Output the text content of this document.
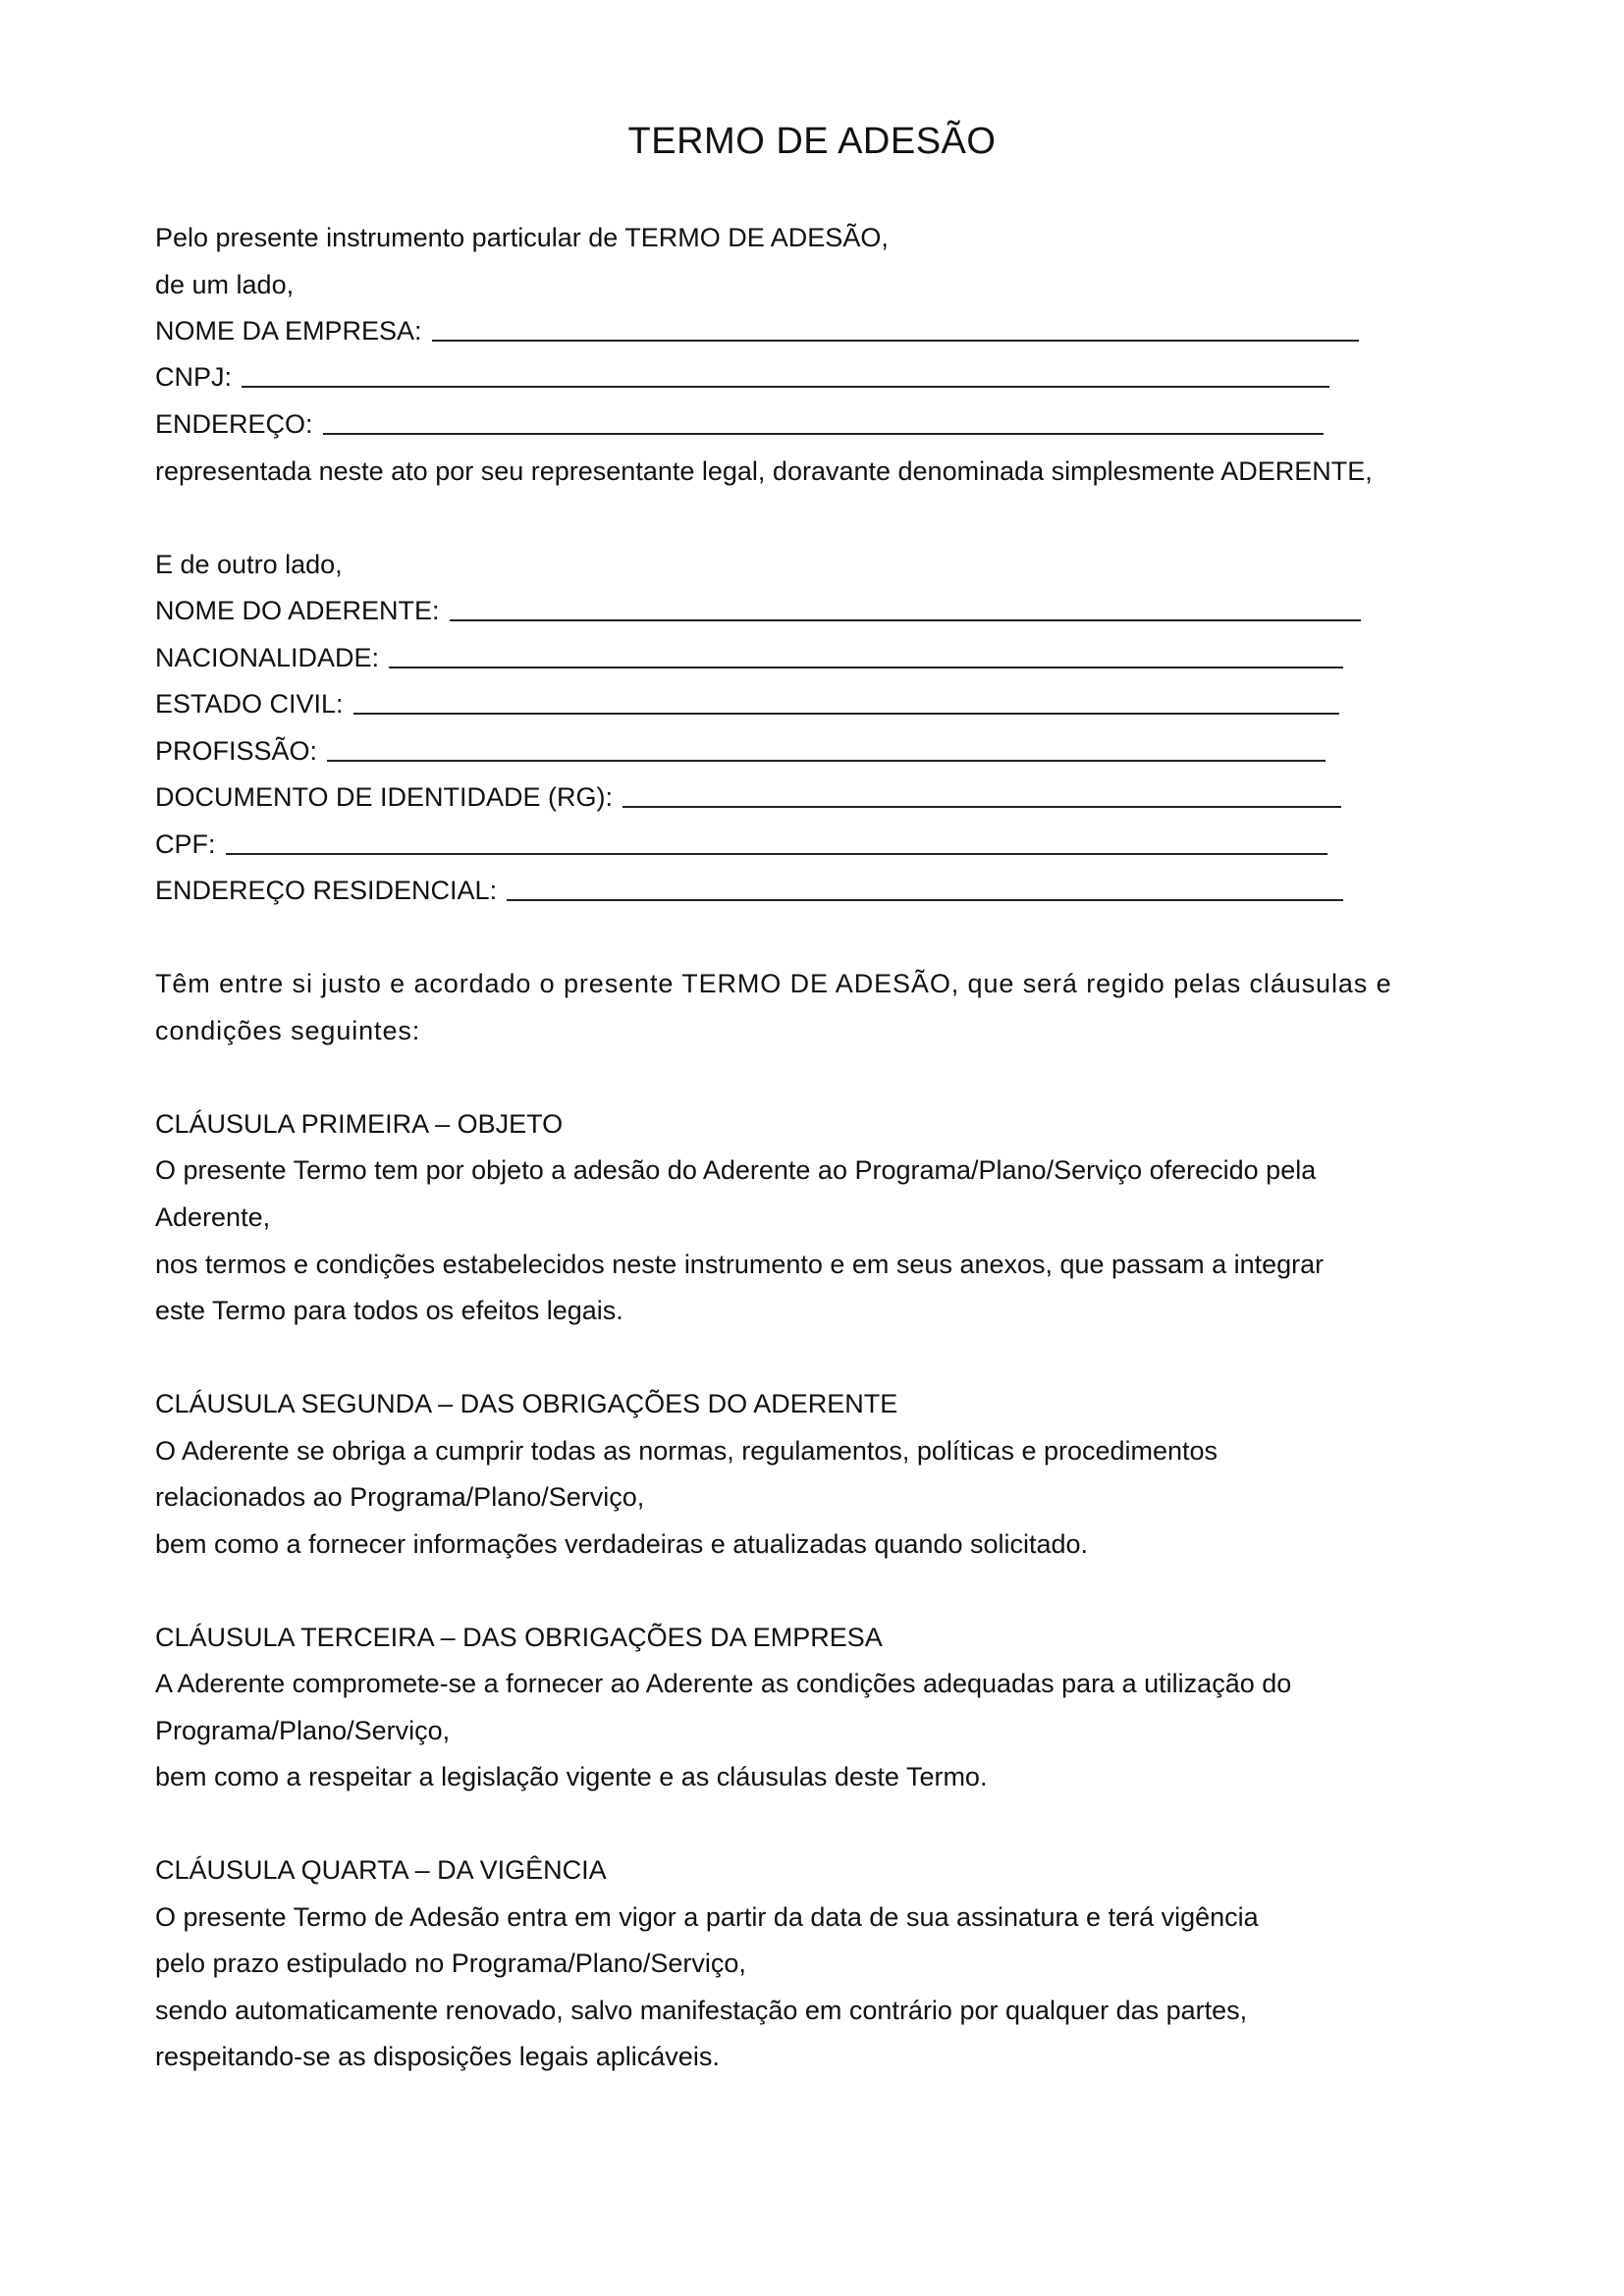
TERMO DE ADESÃO
Pelo presente instrumento particular de TERMO DE ADESÃO,
de um lado,
NOME DA EMPRESA:
CNPJ:
ENDEREÇO:
representada neste ato por seu representante legal, doravante denominada simplesmente ADERENTE,
E de outro lado,
NOME DO ADERENTE:
NACIONALIDADE:
ESTADO CIVIL:
PROFISSÃO:
DOCUMENTO DE IDENTIDADE (RG):
CPF:
ENDEREÇO RESIDENCIAL:
Têm entre si justo e acordado o presente TERMO DE ADESÃO, que será regido pelas cláusulas e
condições seguintes:
CLÁUSULA PRIMEIRA – OBJETO
O presente Termo tem por objeto a adesão do Aderente ao Programa/Plano/Serviço oferecido pela
Aderente,
nos termos e condições estabelecidos neste instrumento e em seus anexos, que passam a integrar
este Termo para todos os efeitos legais.
CLÁUSULA SEGUNDA – DAS OBRIGAÇÕES DO ADERENTE
O Aderente se obriga a cumprir todas as normas, regulamentos, políticas e procedimentos
relacionados ao Programa/Plano/Serviço,
bem como a fornecer informações verdadeiras e atualizadas quando solicitado.
CLÁUSULA TERCEIRA – DAS OBRIGAÇÕES DA EMPRESA
A Aderente compromete-se a fornecer ao Aderente as condições adequadas para a utilização do
Programa/Plano/Serviço,
bem como a respeitar a legislação vigente e as cláusulas deste Termo.
CLÁUSULA QUARTA – DA VIGÊNCIA
O presente Termo de Adesão entra em vigor a partir da data de sua assinatura e terá vigência
pelo prazo estipulado no Programa/Plano/Serviço,
sendo automaticamente renovado, salvo manifestação em contrário por qualquer das partes,
respeitando-se as disposições legais aplicáveis.
